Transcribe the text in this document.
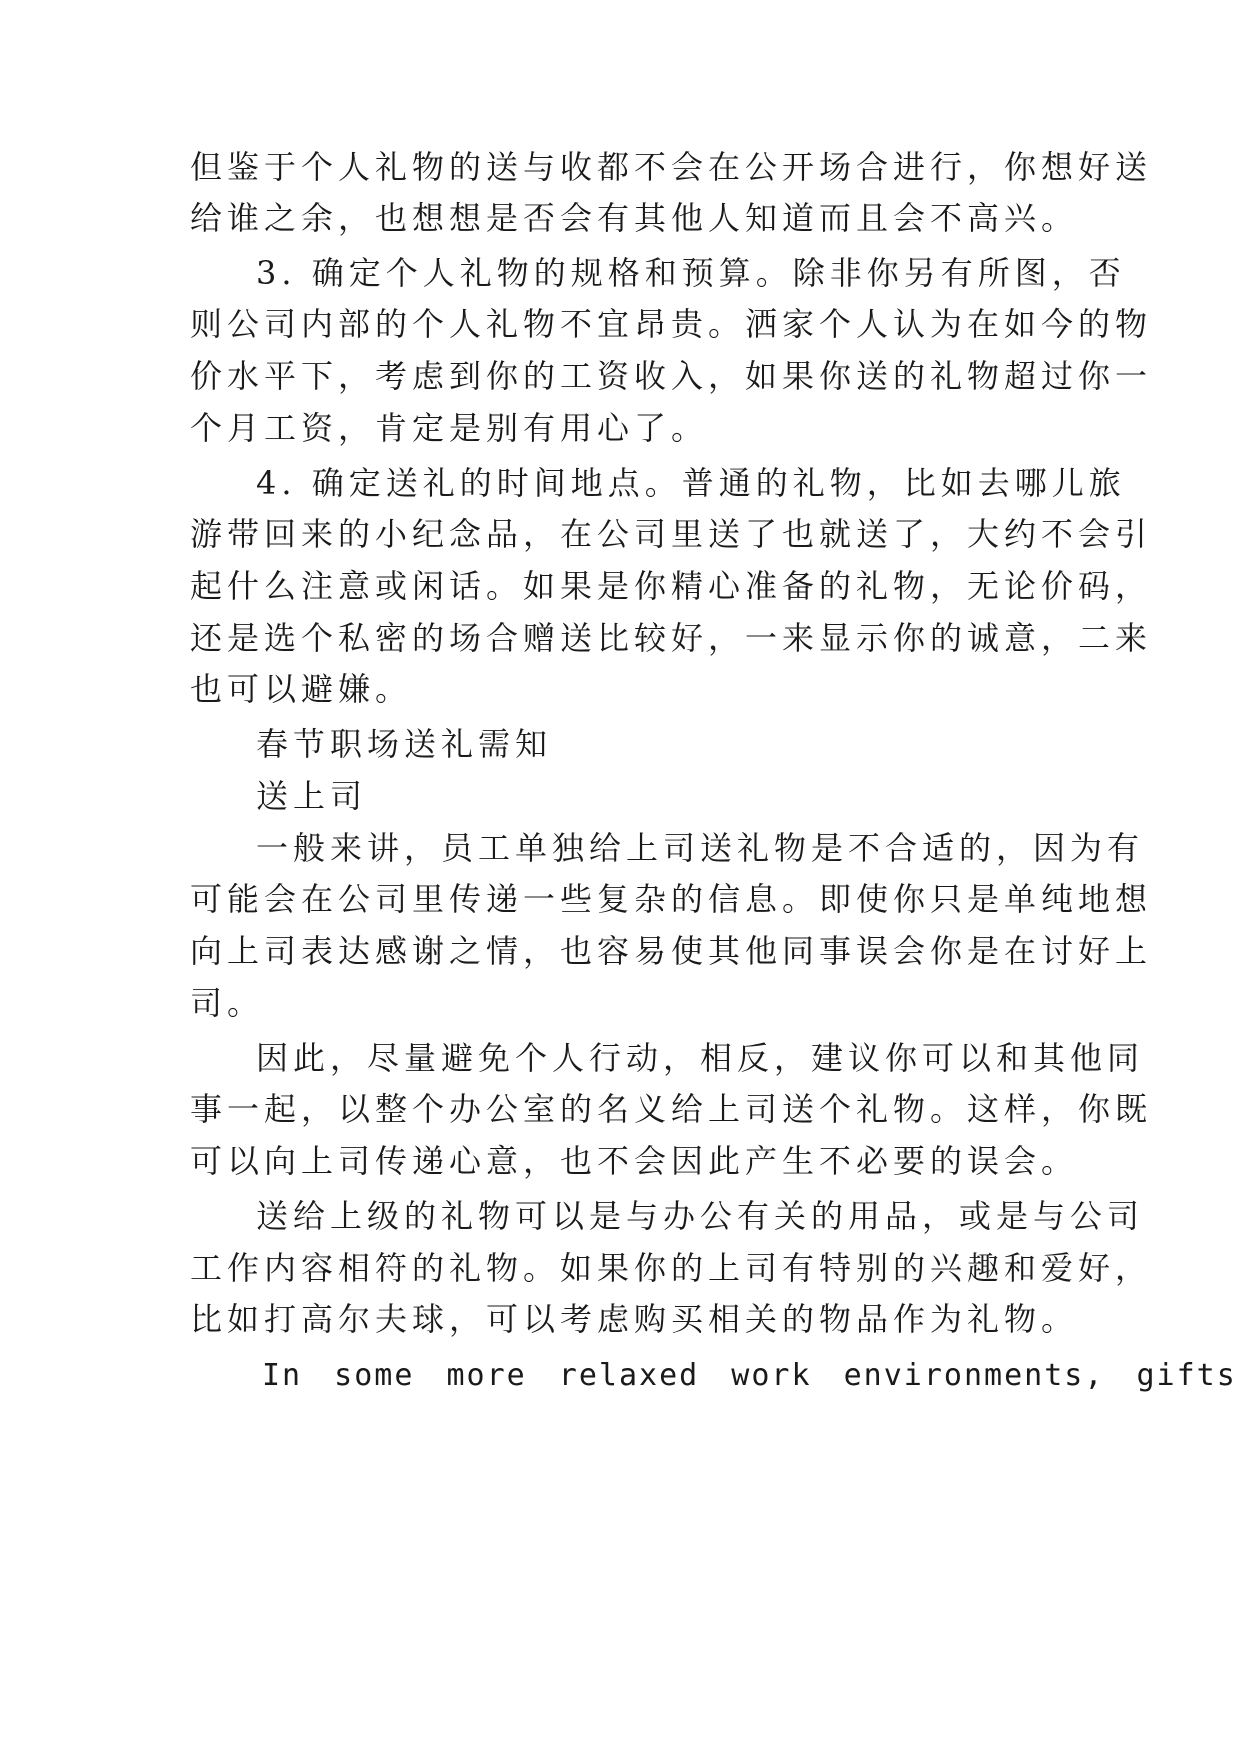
但鉴于个人礼物的送与收都不会在公开场合进行，你想好送
给谁之余，也想想是否会有其他人知道而且会不高兴。
3. 确定个人礼物的规格和预算。除非你另有所图，否
则公司内部的个人礼物不宜昂贵。洒家个人认为在如今的物
价水平下，考虑到你的工资收入，如果你送的礼物超过你一
个月工资，肯定是别有用心了。
4. 确定送礼的时间地点。普通的礼物，比如去哪儿旅
游带回来的小纪念品，在公司里送了也就送了，大约不会引
起什么注意或闲话。如果是你精心准备的礼物，无论价码，
还是选个私密的场合赠送比较好，一来显示你的诚意，二来
也可以避嫌。
春节职场送礼需知
送上司
一般来讲，员工单独给上司送礼物是不合适的，因为有
可能会在公司里传递一些复杂的信息。即使你只是单纯地想
向上司表达感谢之情，也容易使其他同事误会你是在讨好上
司。
因此，尽量避免个人行动，相反，建议你可以和其他同
事一起，以整个办公室的名义给上司送个礼物。这样，你既
可以向上司传递心意，也不会因此产生不必要的误会。
送给上级的礼物可以是与办公有关的用品，或是与公司
工作内容相符的礼物。如果你的上司有特别的兴趣和爱好，
比如打高尔夫球，可以考虑购买相关的物品作为礼物。
In some more relaxed work environments, gifts
